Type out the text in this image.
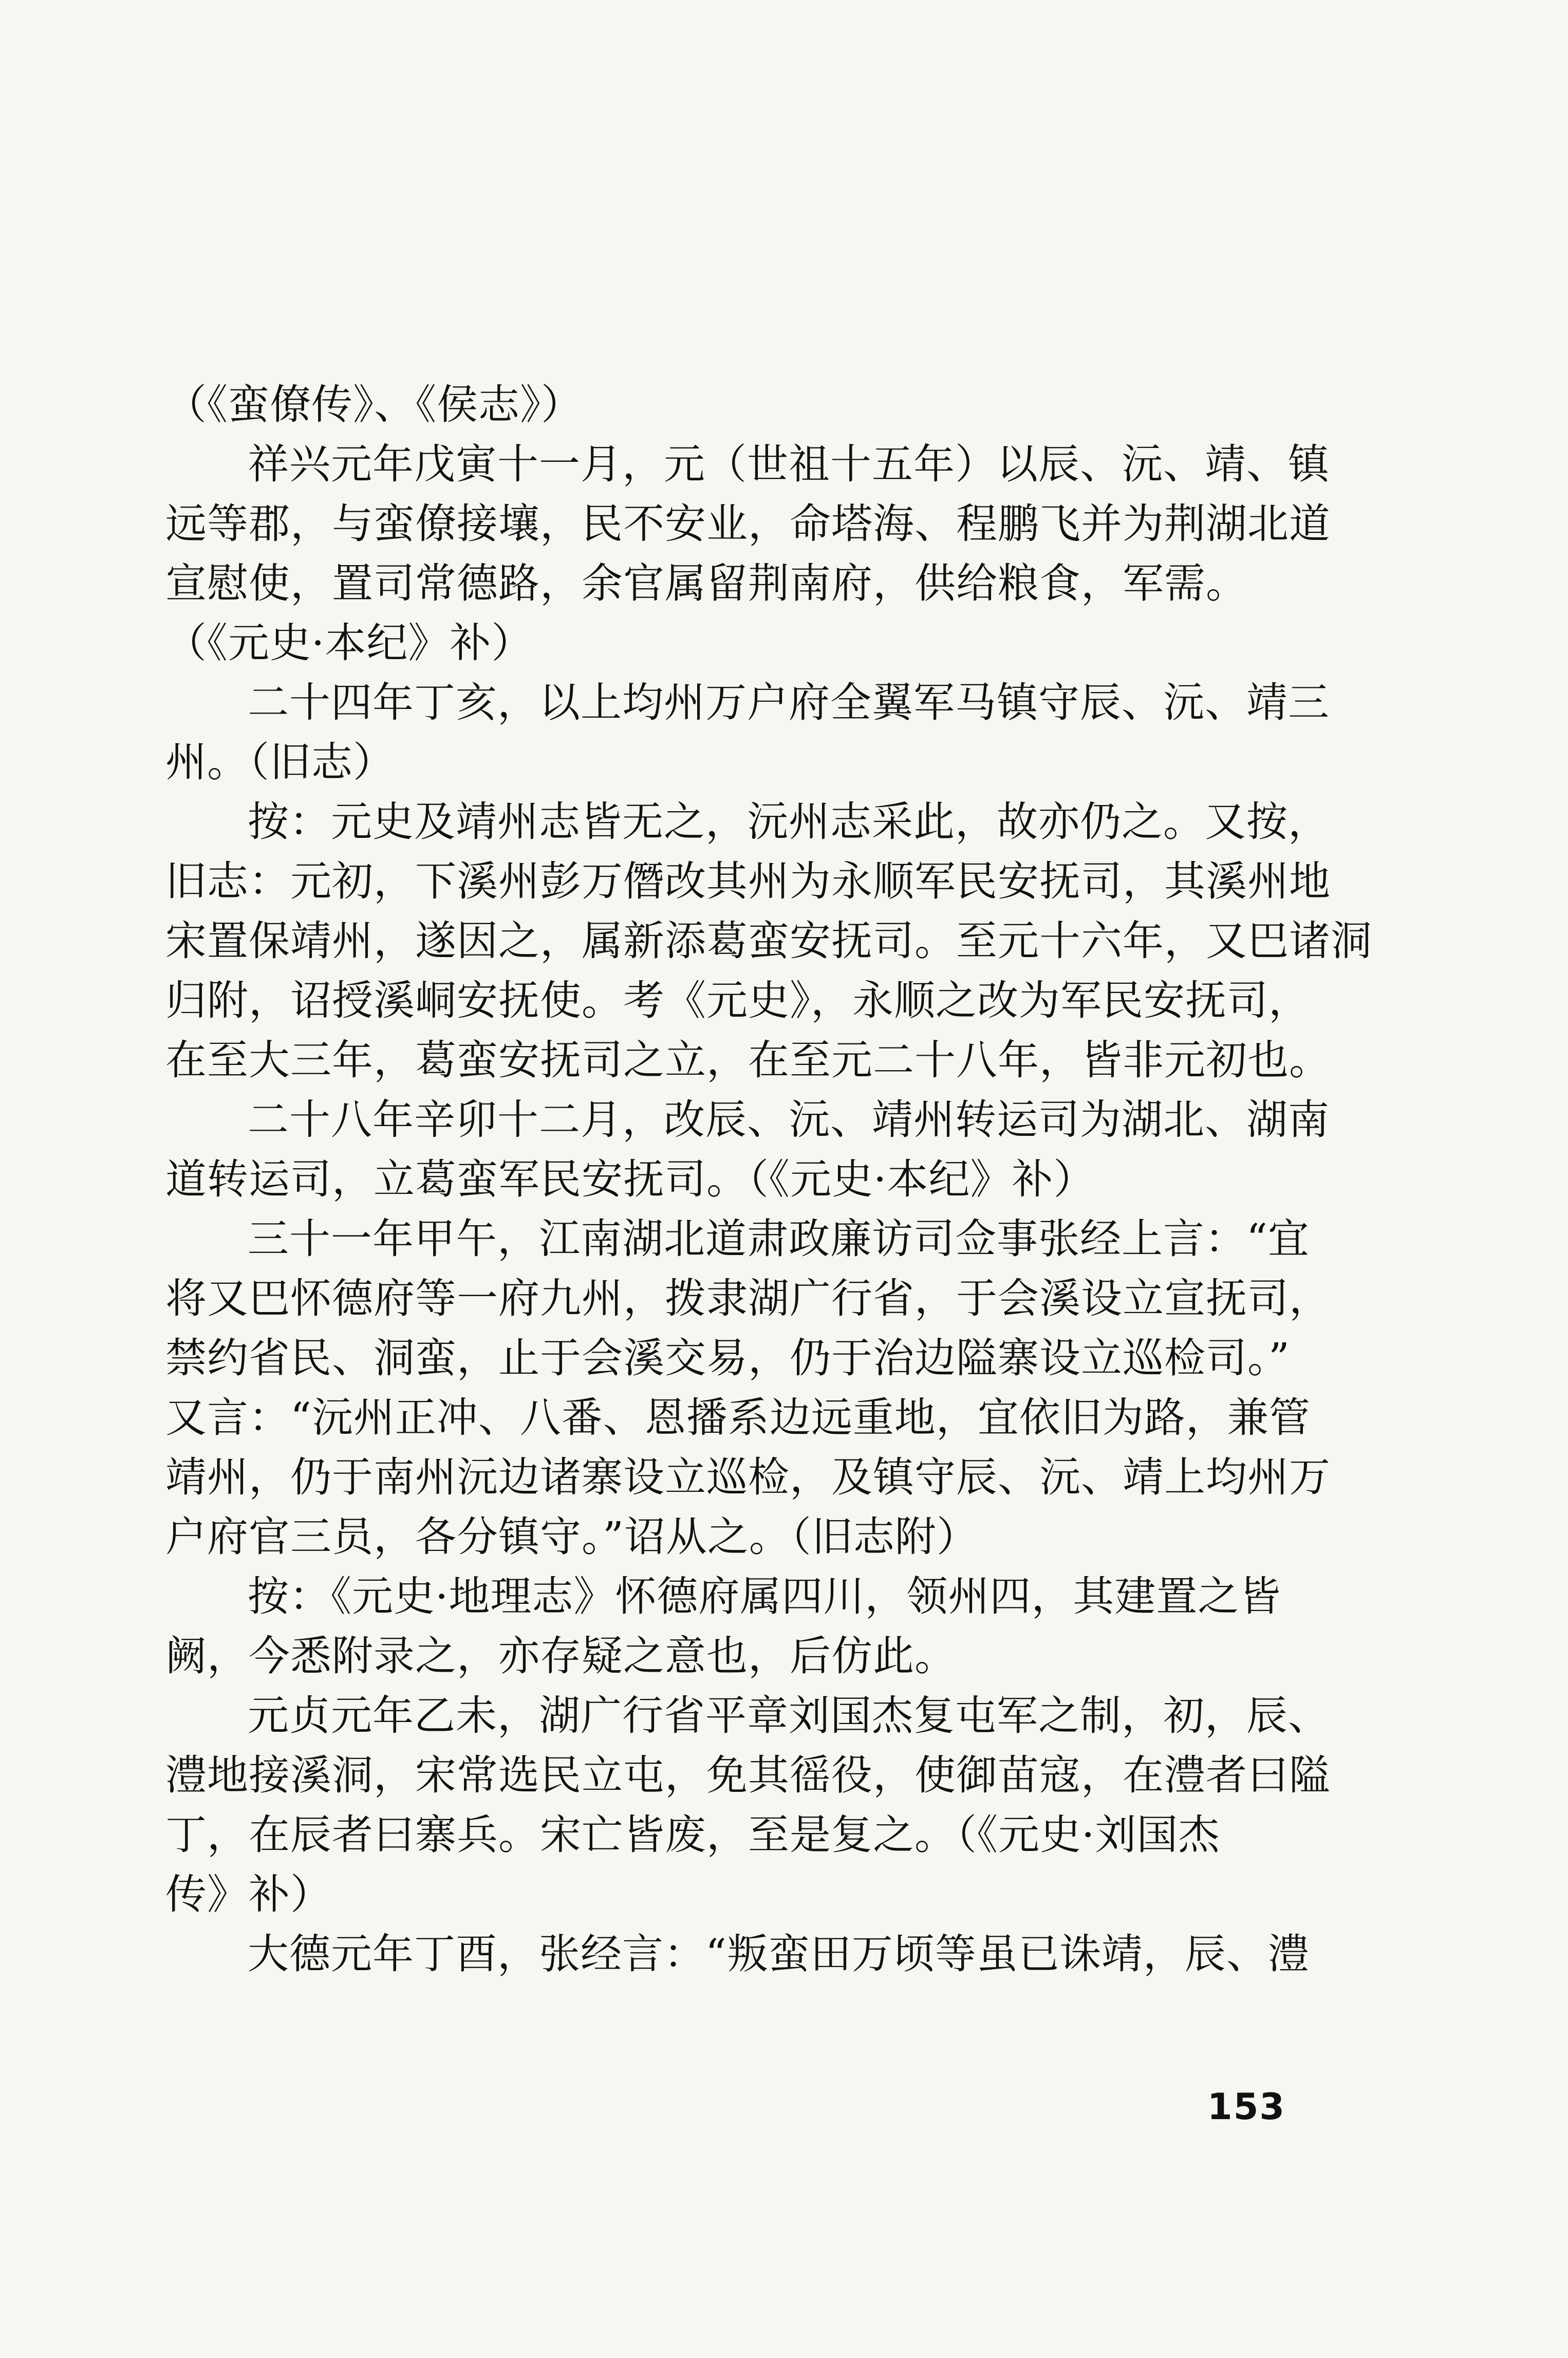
（《蛮僚传》、《侯志》）
祥兴元年戊寅十一月，元（世祖十五年）以辰、沅、靖、镇
远等郡，与蛮僚接壤，民不安业，命塔海、程鹏飞并为荆湖北道
宣慰使，置司常德路，余官属留荆南府，供给粮食，军需。
（《元史·本纪》补）
二十四年丁亥，以上均州万户府全翼军马镇守辰、沅、靖三
州。（旧志）
按：元史及靖州志皆无之，沅州志采此，故亦仍之。又按，
旧志：元初，下溪州彭万僭改其州为永顺军民安抚司，其溪州地
宋置保靖州，遂因之，属新添葛蛮安抚司。至元十六年，又巴诸洞
归附，诏授溪峒安抚使。考《元史》，永顺之改为军民安抚司，
在至大三年，葛蛮安抚司之立，在至元二十八年，皆非元初也。
二十八年辛卯十二月，改辰、沅、靖州转运司为湖北、湖南
道转运司，立葛蛮军民安抚司。（《元史·本纪》补）
三十一年甲午，江南湖北道肃政廉访司佥事张经上言：“宜
将又巴怀德府等一府九州，拨隶湖广行省，于会溪设立宣抚司，
禁约省民、洞蛮，止于会溪交易，仍于治边隘寨设立巡检司。”
又言：“沅州正冲、八番、恩播系边远重地，宜依旧为路，兼管
靖州，仍于南州沅边诸寨设立巡检，及镇守辰、沅、靖上均州万
户府官三员，各分镇守。”诏从之。（旧志附）
按：《元史·地理志》怀德府属四川，领州四，其建置之皆
阙，今悉附录之，亦存疑之意也，后仿此。
元贞元年乙未，湖广行省平章刘国杰复屯军之制，初，辰、
澧地接溪洞，宋常选民立屯，免其徭役，使御苗寇，在澧者曰隘
丁，在辰者曰寨兵。宋亡皆废，至是复之。（《元史·刘国杰
传》补）
大德元年丁酉，张经言：“叛蛮田万顷等虽已诛靖，辰、澧
153
